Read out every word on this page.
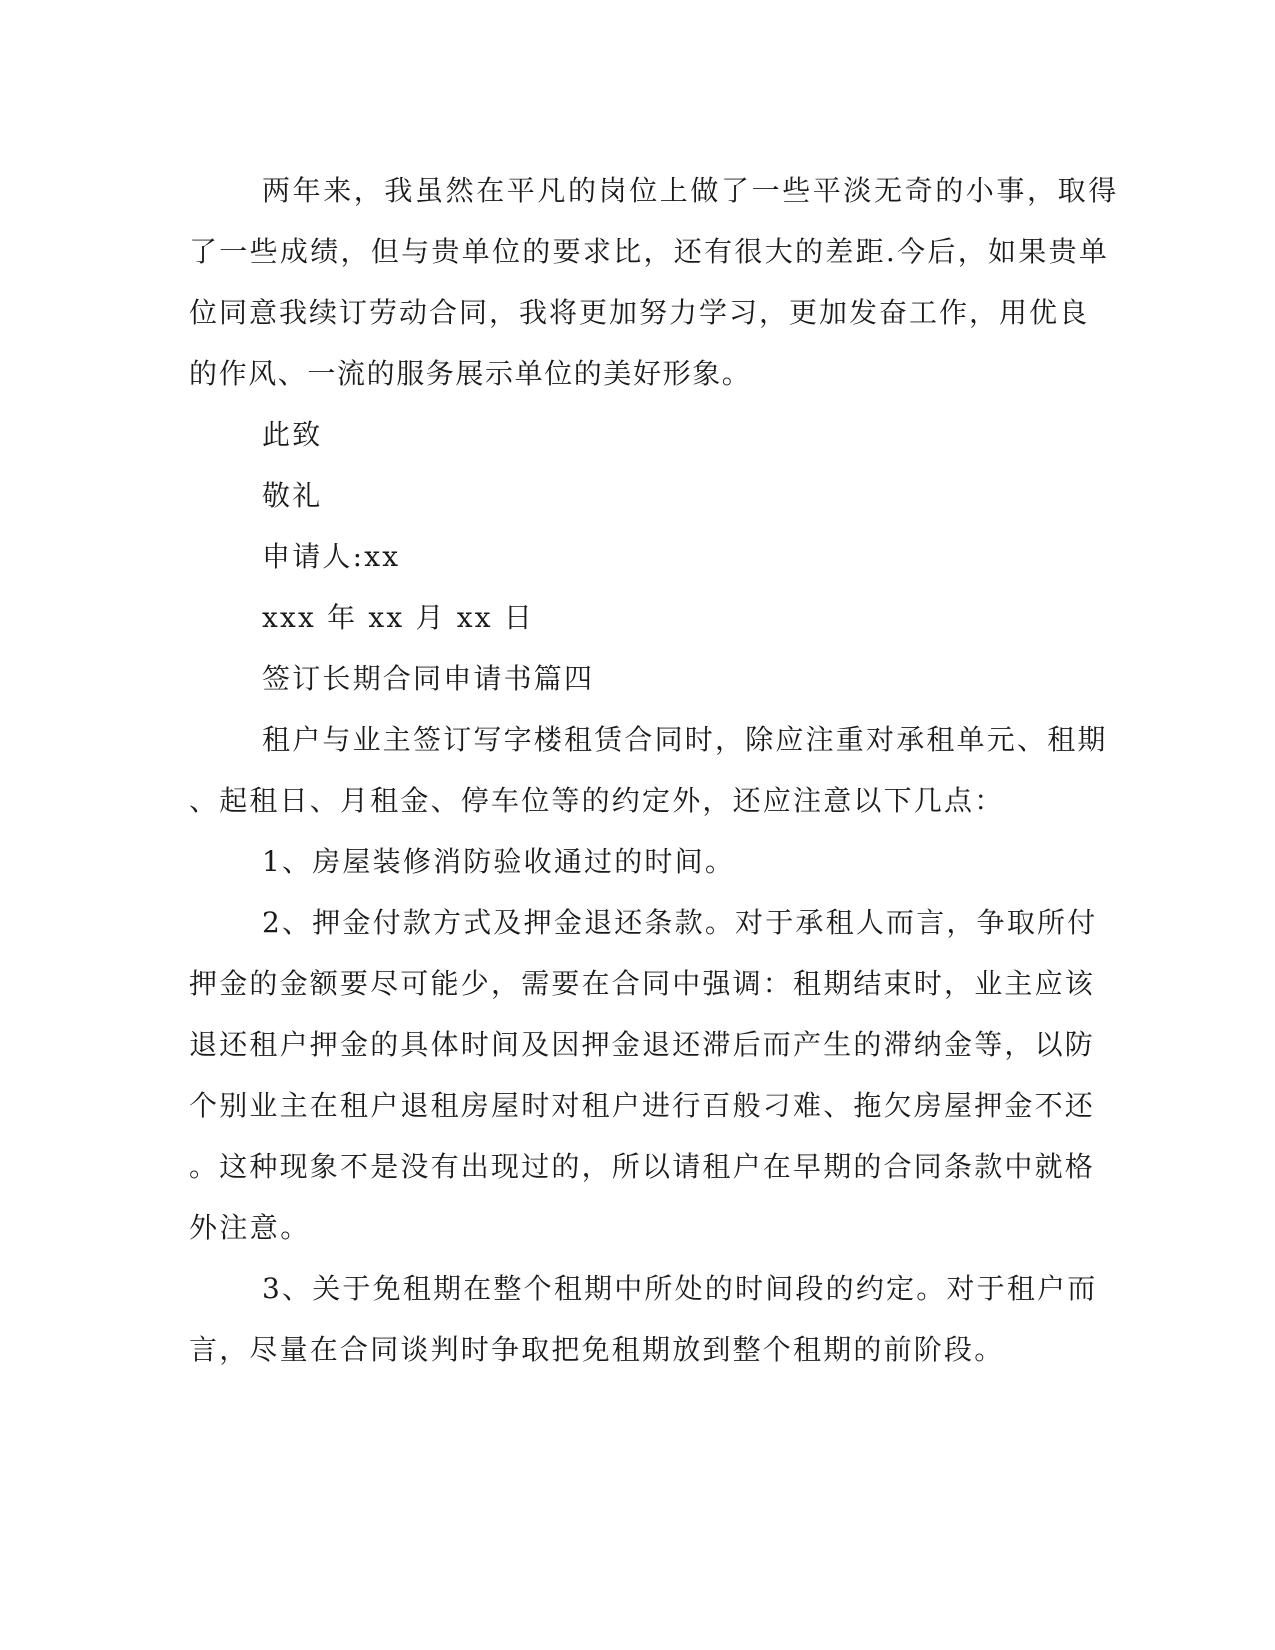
两年来，我虽然在平凡的岗位上做了一些平淡无奇的小事，取得
了一些成绩，但与贵单位的要求比，还有很大的差距.今后，如果贵单
位同意我续订劳动合同，我将更加努力学习，更加发奋工作，用优良
的作风、一流的服务展示单位的美好形象。
此致
敬礼
申请人:xx
xxx 年 xx 月 xx 日
签订长期合同申请书篇四
租户与业主签订写字楼租赁合同时，除应注重对承租单元、租期
、起租日、月租金、停车位等的约定外，还应注意以下几点：
1、房屋装修消防验收通过的时间。
2、押金付款方式及押金退还条款。对于承租人而言，争取所付
押金的金额要尽可能少，需要在合同中强调：租期结束时，业主应该
退还租户押金的具体时间及因押金退还滞后而产生的滞纳金等，以防
个别业主在租户退租房屋时对租户进行百般刁难、拖欠房屋押金不还
。这种现象不是没有出现过的，所以请租户在早期的合同条款中就格
外注意。
3、关于免租期在整个租期中所处的时间段的约定。对于租户而
言，尽量在合同谈判时争取把免租期放到整个租期的前阶段。
